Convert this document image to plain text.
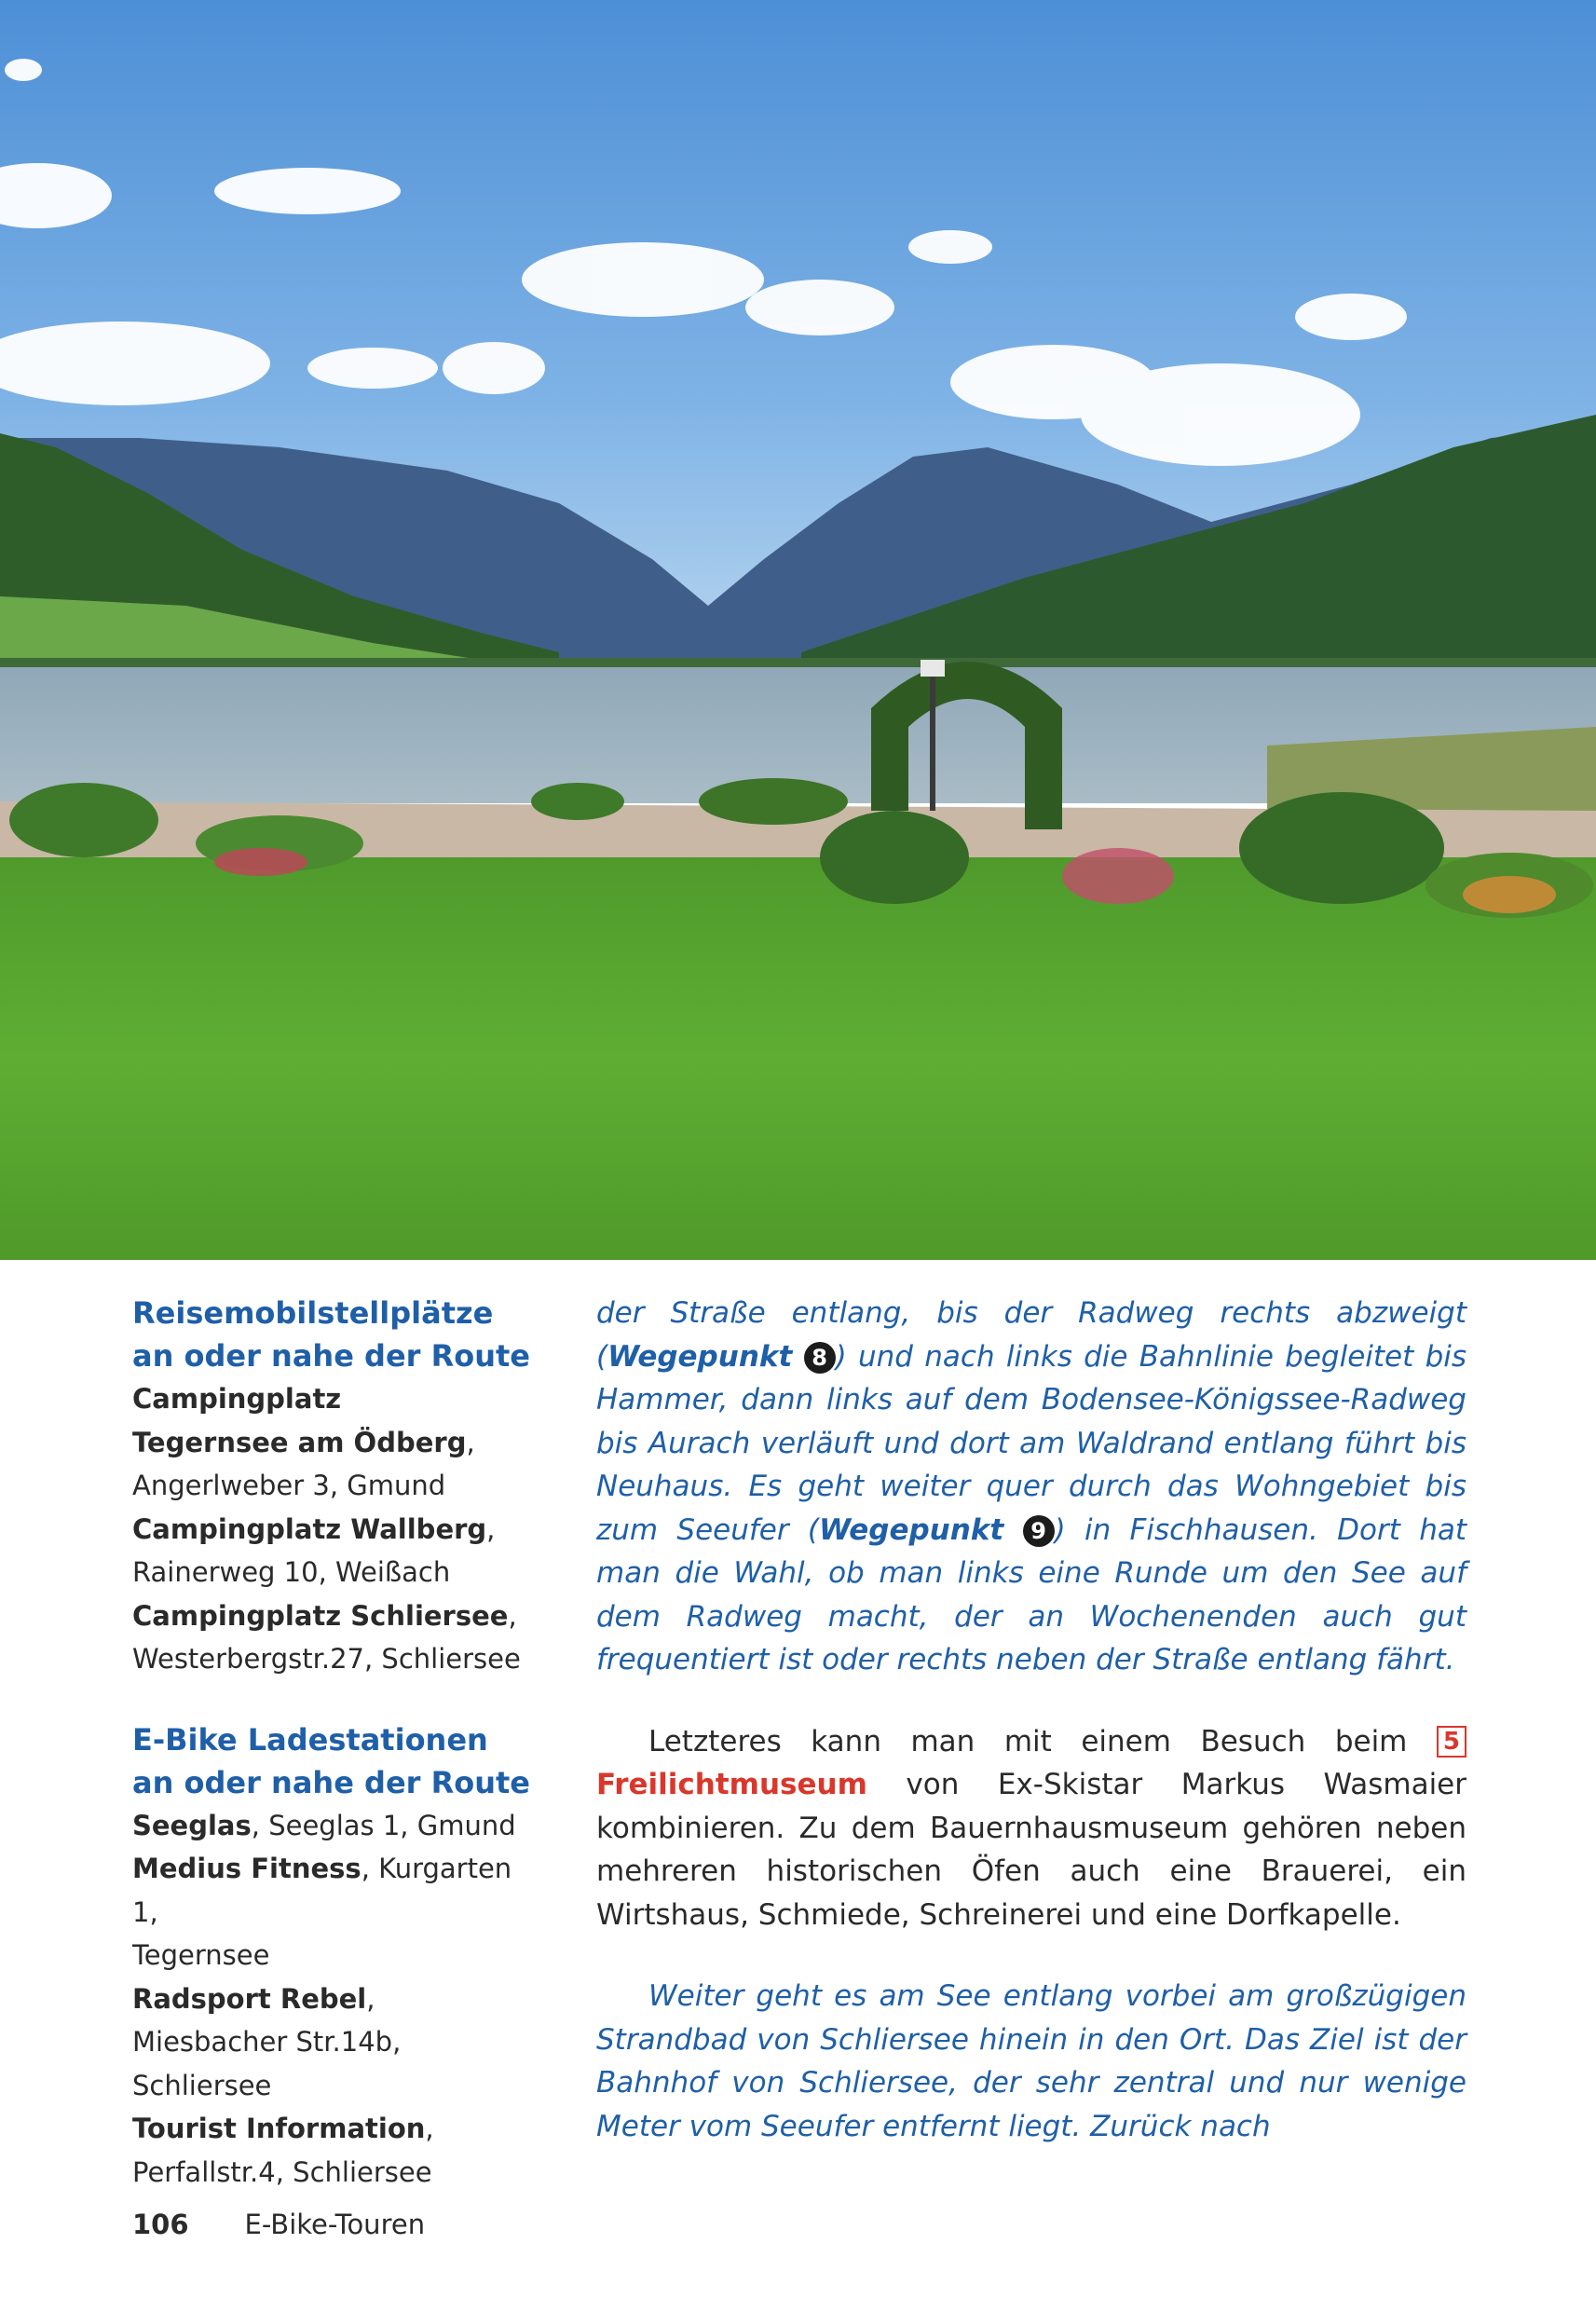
Reisemobilstellplätze
an oder nahe der Route
Campingplatz
Tegernsee am Ödberg,
Angerlweber 3, Gmund
Campingplatz Wallberg,
Rainerweg 10, Weißach
Campingplatz Schliersee,
Westerbergstr.27, Schliersee
E-Bike Ladestationen
an oder nahe der Route
Seeglas, Seeglas 1, Gmund
Medius Fitness, Kurgarten 1,
Tegernsee
Radsport Rebel,
Miesbacher Str.14b,
Schliersee
Tourist Information,
Perfallstr.4, Schliersee

der Straße entlang, bis der Radweg rechts abzweigt (Wegepunkt 8 ) und nach links die Bahnlinie begleitet bis Hammer, dann links auf dem Bodensee-Königssee-Radweg bis Aurach verläuft und dort am Waldrand entlang führt bis Neuhaus. Es geht weiter quer durch das Wohngebiet bis zum Seeufer (Wegepunkt 9 ) in Fischhausen. Dort hat man die Wahl, ob man links eine Runde um den See auf dem Radweg macht, der an Wochenenden auch gut frequentiert ist oder rechts neben der Straße entlang fährt.

Letzteres kann man mit einem Besuch beim 5 Freilichtmuseum von Ex-Skistar Markus Wasmaier kombinieren. Zu dem Bauernhausmuseum gehören neben mehreren historischen Öfen auch eine Brauerei, ein Wirtshaus, Schmiede, Schreinerei und eine Dorfkapelle.

Weiter geht es am See entlang vorbei am großzügigen Strandbad von Schliersee hinein in den Ort. Das Ziel ist der Bahnhof von Schliersee, der sehr zentral und nur wenige Meter vom Seeufer entfernt liegt. Zurück nach

106 E-Bike-Touren
